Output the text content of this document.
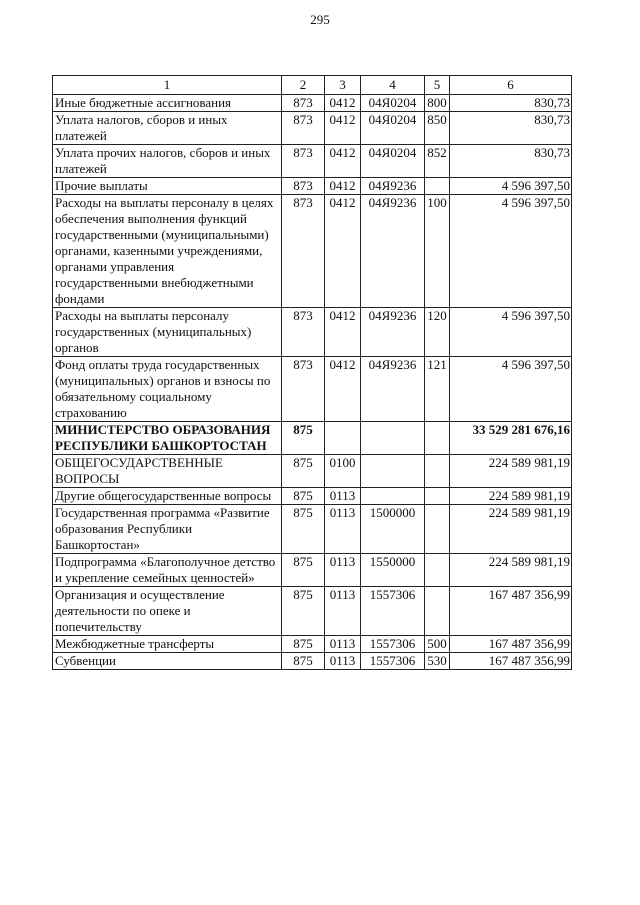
295
1	2	3	4	5	6
Иные бюджетные ассигнования	873	0412	04Я0204	800	830,73
Уплата налогов, сборов и иных платежей	873	0412	04Я0204	850	830,73
Уплата прочих налогов, сборов и иных платежей	873	0412	04Я0204	852	830,73
Прочие выплаты	873	0412	04Я9236		4 596 397,50
Расходы на выплаты персоналу в целях обеспечения выполнения функций государственными (муниципальными) органами, казенными учреждениями, органами управления государственными внебюджетными фондами	873	0412	04Я9236	100	4 596 397,50
Расходы на выплаты персоналу государственных (муниципальных) органов	873	0412	04Я9236	120	4 596 397,50
Фонд оплаты труда государственных (муниципальных) органов и взносы по обязательному социальному страхованию	873	0412	04Я9236	121	4 596 397,50
МИНИСТЕРСТВО ОБРАЗОВАНИЯ РЕСПУБЛИКИ БАШКОРТОСТАН	875				33 529 281 676,16
ОБЩЕГОСУДАРСТВЕННЫЕ ВОПРОСЫ	875	0100			224 589 981,19
Другие общегосударственные вопросы	875	0113			224 589 981,19
Государственная программа «Развитие образования Республики Башкортостан»	875	0113	1500000		224 589 981,19
Подпрограмма «Благополучное детство и укрепление семейных ценностей»	875	0113	1550000		224 589 981,19
Организация и осуществление деятельности по опеке и попечительству	875	0113	1557306		167 487 356,99
Межбюджетные трансферты	875	0113	1557306	500	167 487 356,99
Субвенции	875	0113	1557306	530	167 487 356,99
